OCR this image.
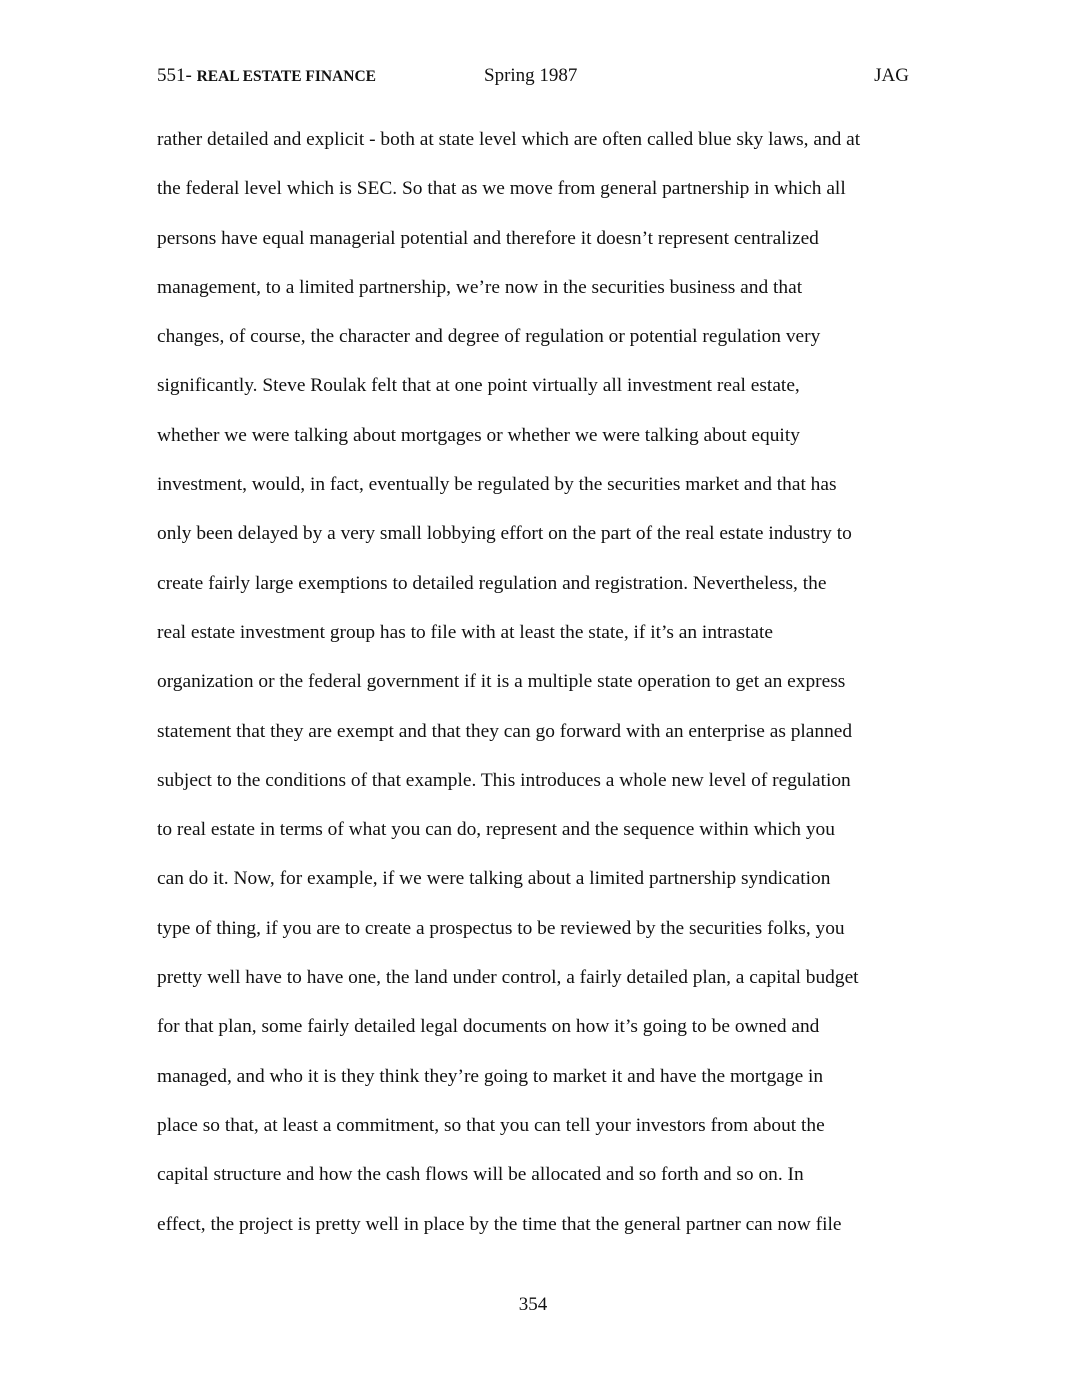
551- REAL ESTATE FINANCE	Spring 1987	JAG
rather detailed and explicit - both at state level which are often called blue sky laws, and at
the federal level which is SEC. So that as we move from general partnership in which all
persons have equal managerial potential and therefore it doesn’t represent centralized
management, to a limited partnership, we’re now in the securities business and that
changes, of course, the character and degree of regulation or potential regulation very
significantly. Steve Roulak felt that at one point virtually all investment real estate,
whether we were talking about mortgages or whether we were talking about equity
investment, would, in fact, eventually be regulated by the securities market and that has
only been delayed by a very small lobbying effort on the part of the real estate industry to
create fairly large exemptions to detailed regulation and registration. Nevertheless, the
real estate investment group has to file with at least the state, if it’s an intrastate
organization or the federal government if it is a multiple state operation to get an express
statement that they are exempt and that they can go forward with an enterprise as planned
subject to the conditions of that example. This introduces a whole new level of regulation
to real estate in terms of what you can do, represent and the sequence within which you
can do it. Now, for example, if we were talking about a limited partnership syndication
type of thing, if you are to create a prospectus to be reviewed by the securities folks, you
pretty well have to have one, the land under control, a fairly detailed plan, a capital budget
for that plan, some fairly detailed legal documents on how it’s going to be owned and
managed, and who it is they think they’re going to market it and have the mortgage in
place so that, at least a commitment, so that you can tell your investors from about the
capital structure and how the cash flows will be allocated and so forth and so on. In
effect, the project is pretty well in place by the time that the general partner can now file
354
